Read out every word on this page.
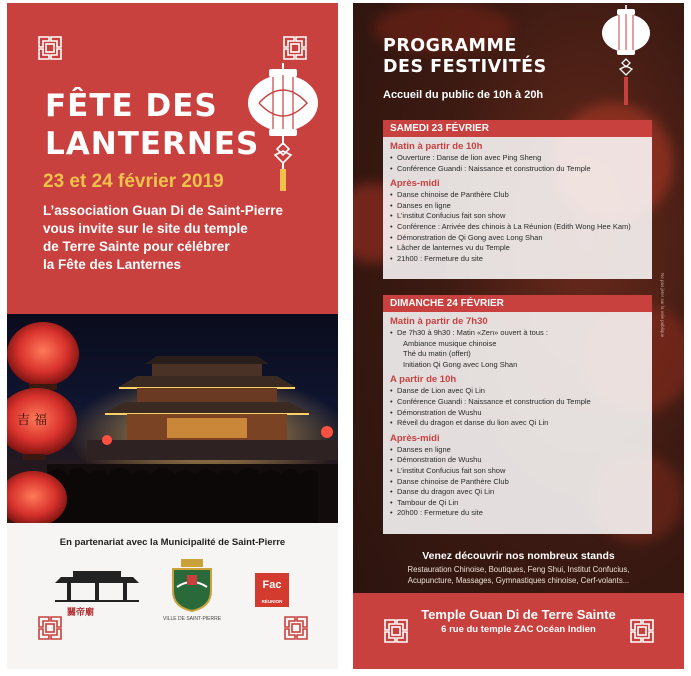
FÊTE DES
LANTERNES
23 et 24 février 2019
L’association Guan Di de Saint-Pierre
vous invite sur le site du temple
de Terre Sainte pour célébrer
la Fête des Lanternes
吉 福
En partenariat avec la Municipalité de Saint-Pierre
關帝廟
VILLE DE SAINT-PIERRE
Fac
RÉUNION
PROGRAMME
DES FESTIVITÉS
Accueil du public de 10h à 20h
SAMEDI 23 FÉVRIER
Matin à partir de 10h
• Ouverture : Danse de lion avec Ping Sheng
• Conférence Guandi : Naissance et construction du Temple
Après-midi
• Danse chinoise de Panthère Club
• Danses en ligne
• L’institut Confucius fait son show
• Conférence : Arrivée des chinois à La Réunion (Edith Wong Hee Kam)
• Démonstration de Qi Gong avec Long Shan
• Lâcher de lanternes vu du Temple
• 21h00 : Fermeture du site
DIMANCHE 24 FÉVRIER
Matin à partir de 7h30
• De 7h30 à 9h30 : Matin «Zen» ouvert à tous :
Ambiance musique chinoise
Thé du matin (offert)
Initiation Qi Gong avec Long Shan
A partir de 10h
• Danse de Lion avec Qi Lin
• Conférence Guandi : Naissance et construction du Temple
• Démonstration de Wushu
• Réveil du dragon et danse du lion avec Qi Lin
Après-midi
• Danses en ligne
• Démonstration de Wushu
• L’institut Confucius fait son show
• Danse chinoise de Panthère Club
• Danse du dragon avec Qi Lin
• Tambour de Qi Lin
• 20h00 : Fermeture du site
Ne pas jeter sur la voie publique
Venez découvrir nos nombreux stands
Restauration Chinoise, Boutiques, Feng Shui, Institut Confucius,
Acupuncture, Massages, Gymnastiques chinoise, Cerf-volants...
Temple Guan Di de Terre Sainte
6 rue du temple ZAC Océan Indien
